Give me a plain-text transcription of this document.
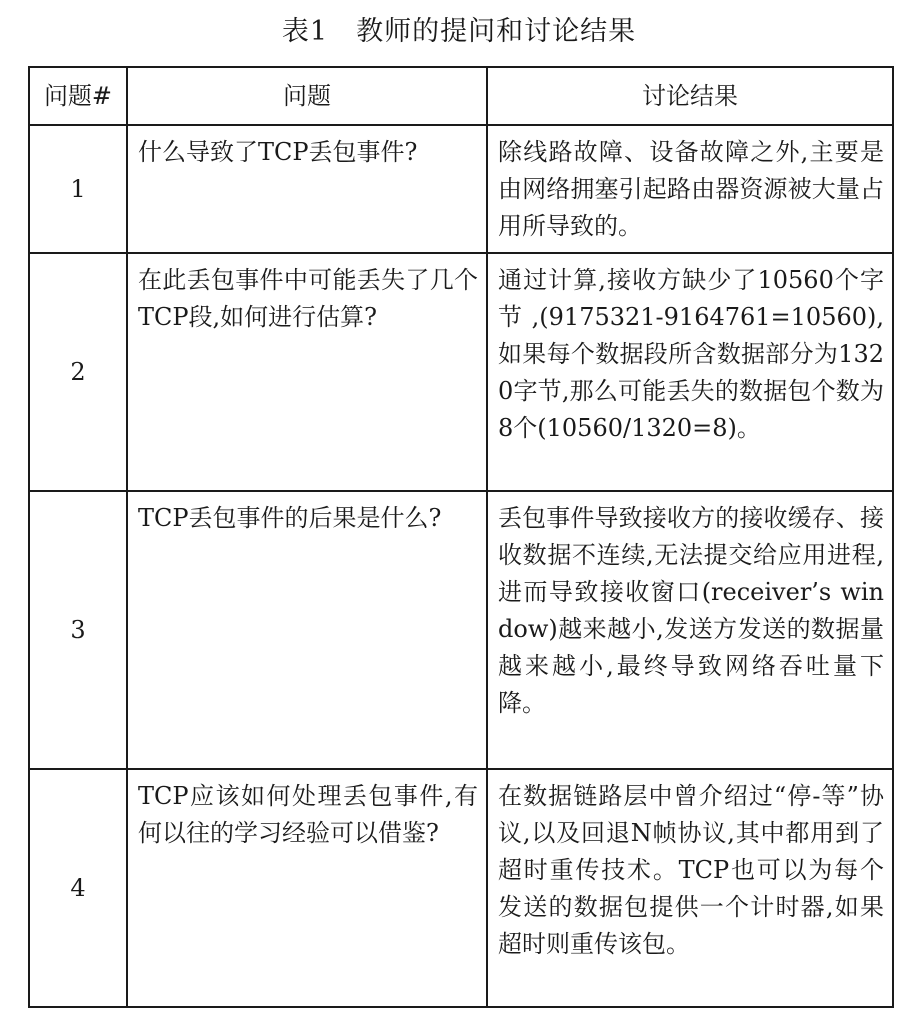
表1 教师的提问和讨论结果
问题#	问题	讨论结果
1	什么导致了TCP丢包事件?	除线路故障、设备故障之外,主要是由网络拥塞引起路由器资源被大量占用所导致的。
2	在此丢包事件中可能丢失了几个TCP段,如何进行估算?	通过计算,接收方缺少了10560个字节,(9175321-9164761=10560),如果每个数据段所含数据部分为1320字节,那么可能丢失的数据包个数为8个(10560/1320=8)。
3	TCP丢包事件的后果是什么?	丢包事件导致接收方的接收缓存、接收数据不连续,无法提交给应用进程,进而导致接收窗口(receiver’s window)越来越小,发送方发送的数据量越来越小,最终导致网络吞吐量下降。
4	TCP应该如何处理丢包事件,有何以往的学习经验可以借鉴?	在数据链路层中曾介绍过“停-等”协议,以及回退N帧协议,其中都用到了超时重传技术。TCP也可以为每个发送的数据包提供一个计时器,如果超时则重传该包。
